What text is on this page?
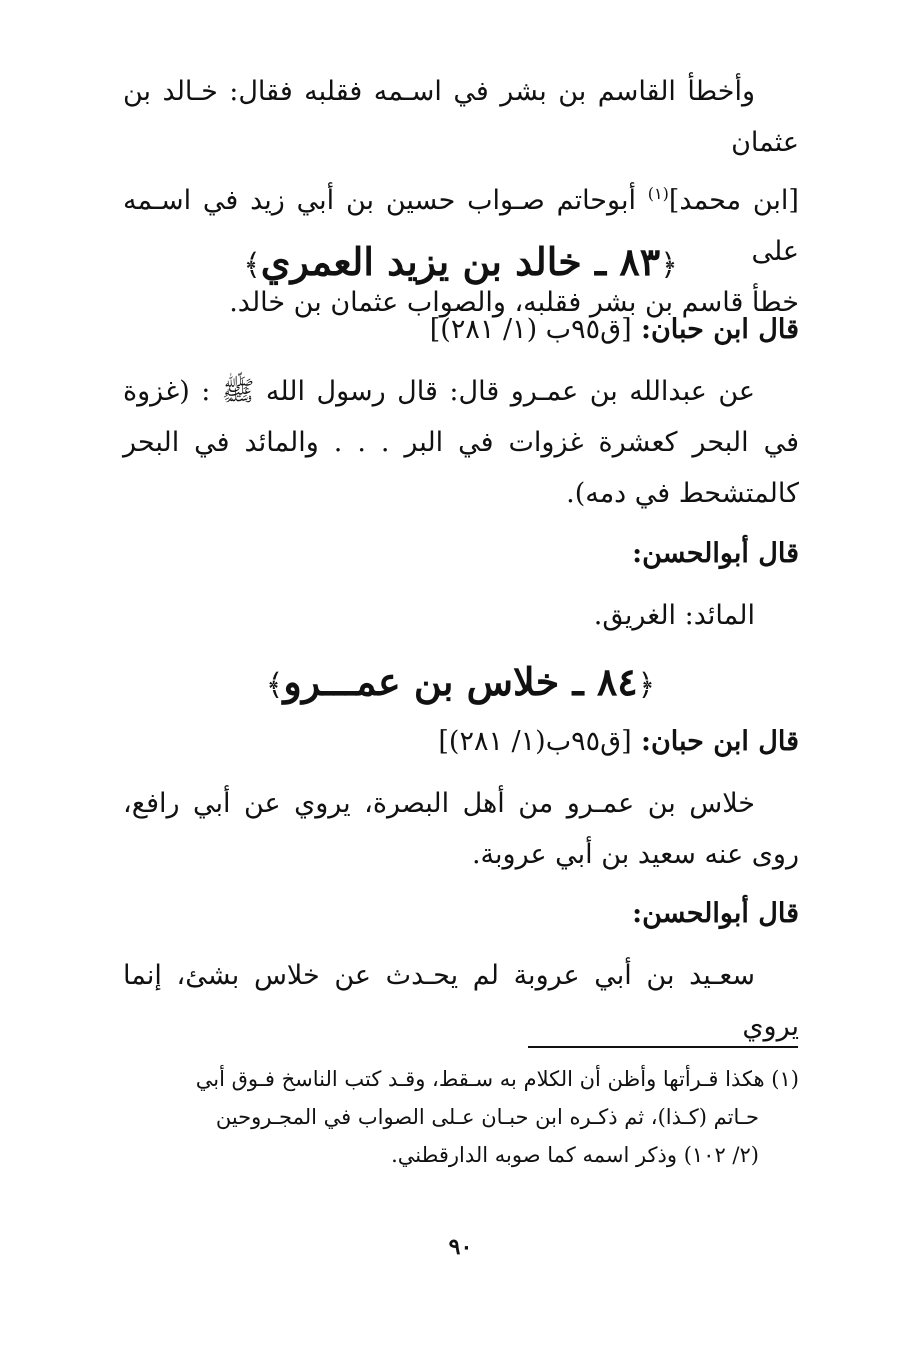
وأخطأ القاسم بن بشر في اسـمه فقلبه فقال: خـالد بن عثمان

[ابن محمد]$^{(١)}$ أبوحاتم صـواب حسين بن أبي زيد في اسـمه على

خطأ قاسم بن بشر فقلبه، والصواب عثمان بن خالد.

﴿٨٣ ـ خالد بن يزيد العمري﴾
قال ابن حبان: [ق٩٥ب (١/ ٢٨١)]

عن عبدالله بن عمـرو قال: قال رسول الله ﷺ : (غزوة في البحر كعشرة غزوات في البر . . . والمائد في البحر كالمتشحط في دمه).

قال أبوالحسن:

المائد: الغريق.

﴿٨٤ ـ خلاس بن عمـــرو﴾
قال ابن حبان: [ق٩٥ب(١/ ٢٨١)]

خلاس بن عمـرو من أهل البصرة، يروي عن أبي رافع، روى عنه سعيد بن أبي عروبة.

قال أبوالحسن:

سعـيد بن أبي عروبة لم يحـدث عن خلاس بشئ، إنما يروي

(١) هكذا قـرأتها وأظن أن الكلام به سـقط، وقـد كتب الناسخ فـوق أبي

حـاتم (كـذا)، ثم ذكـره ابن حبـان عـلى الصواب في المجـروحين

(٢/ ١٠٢) وذكر اسمه كما صوبه الدارقطني.

٩٠
